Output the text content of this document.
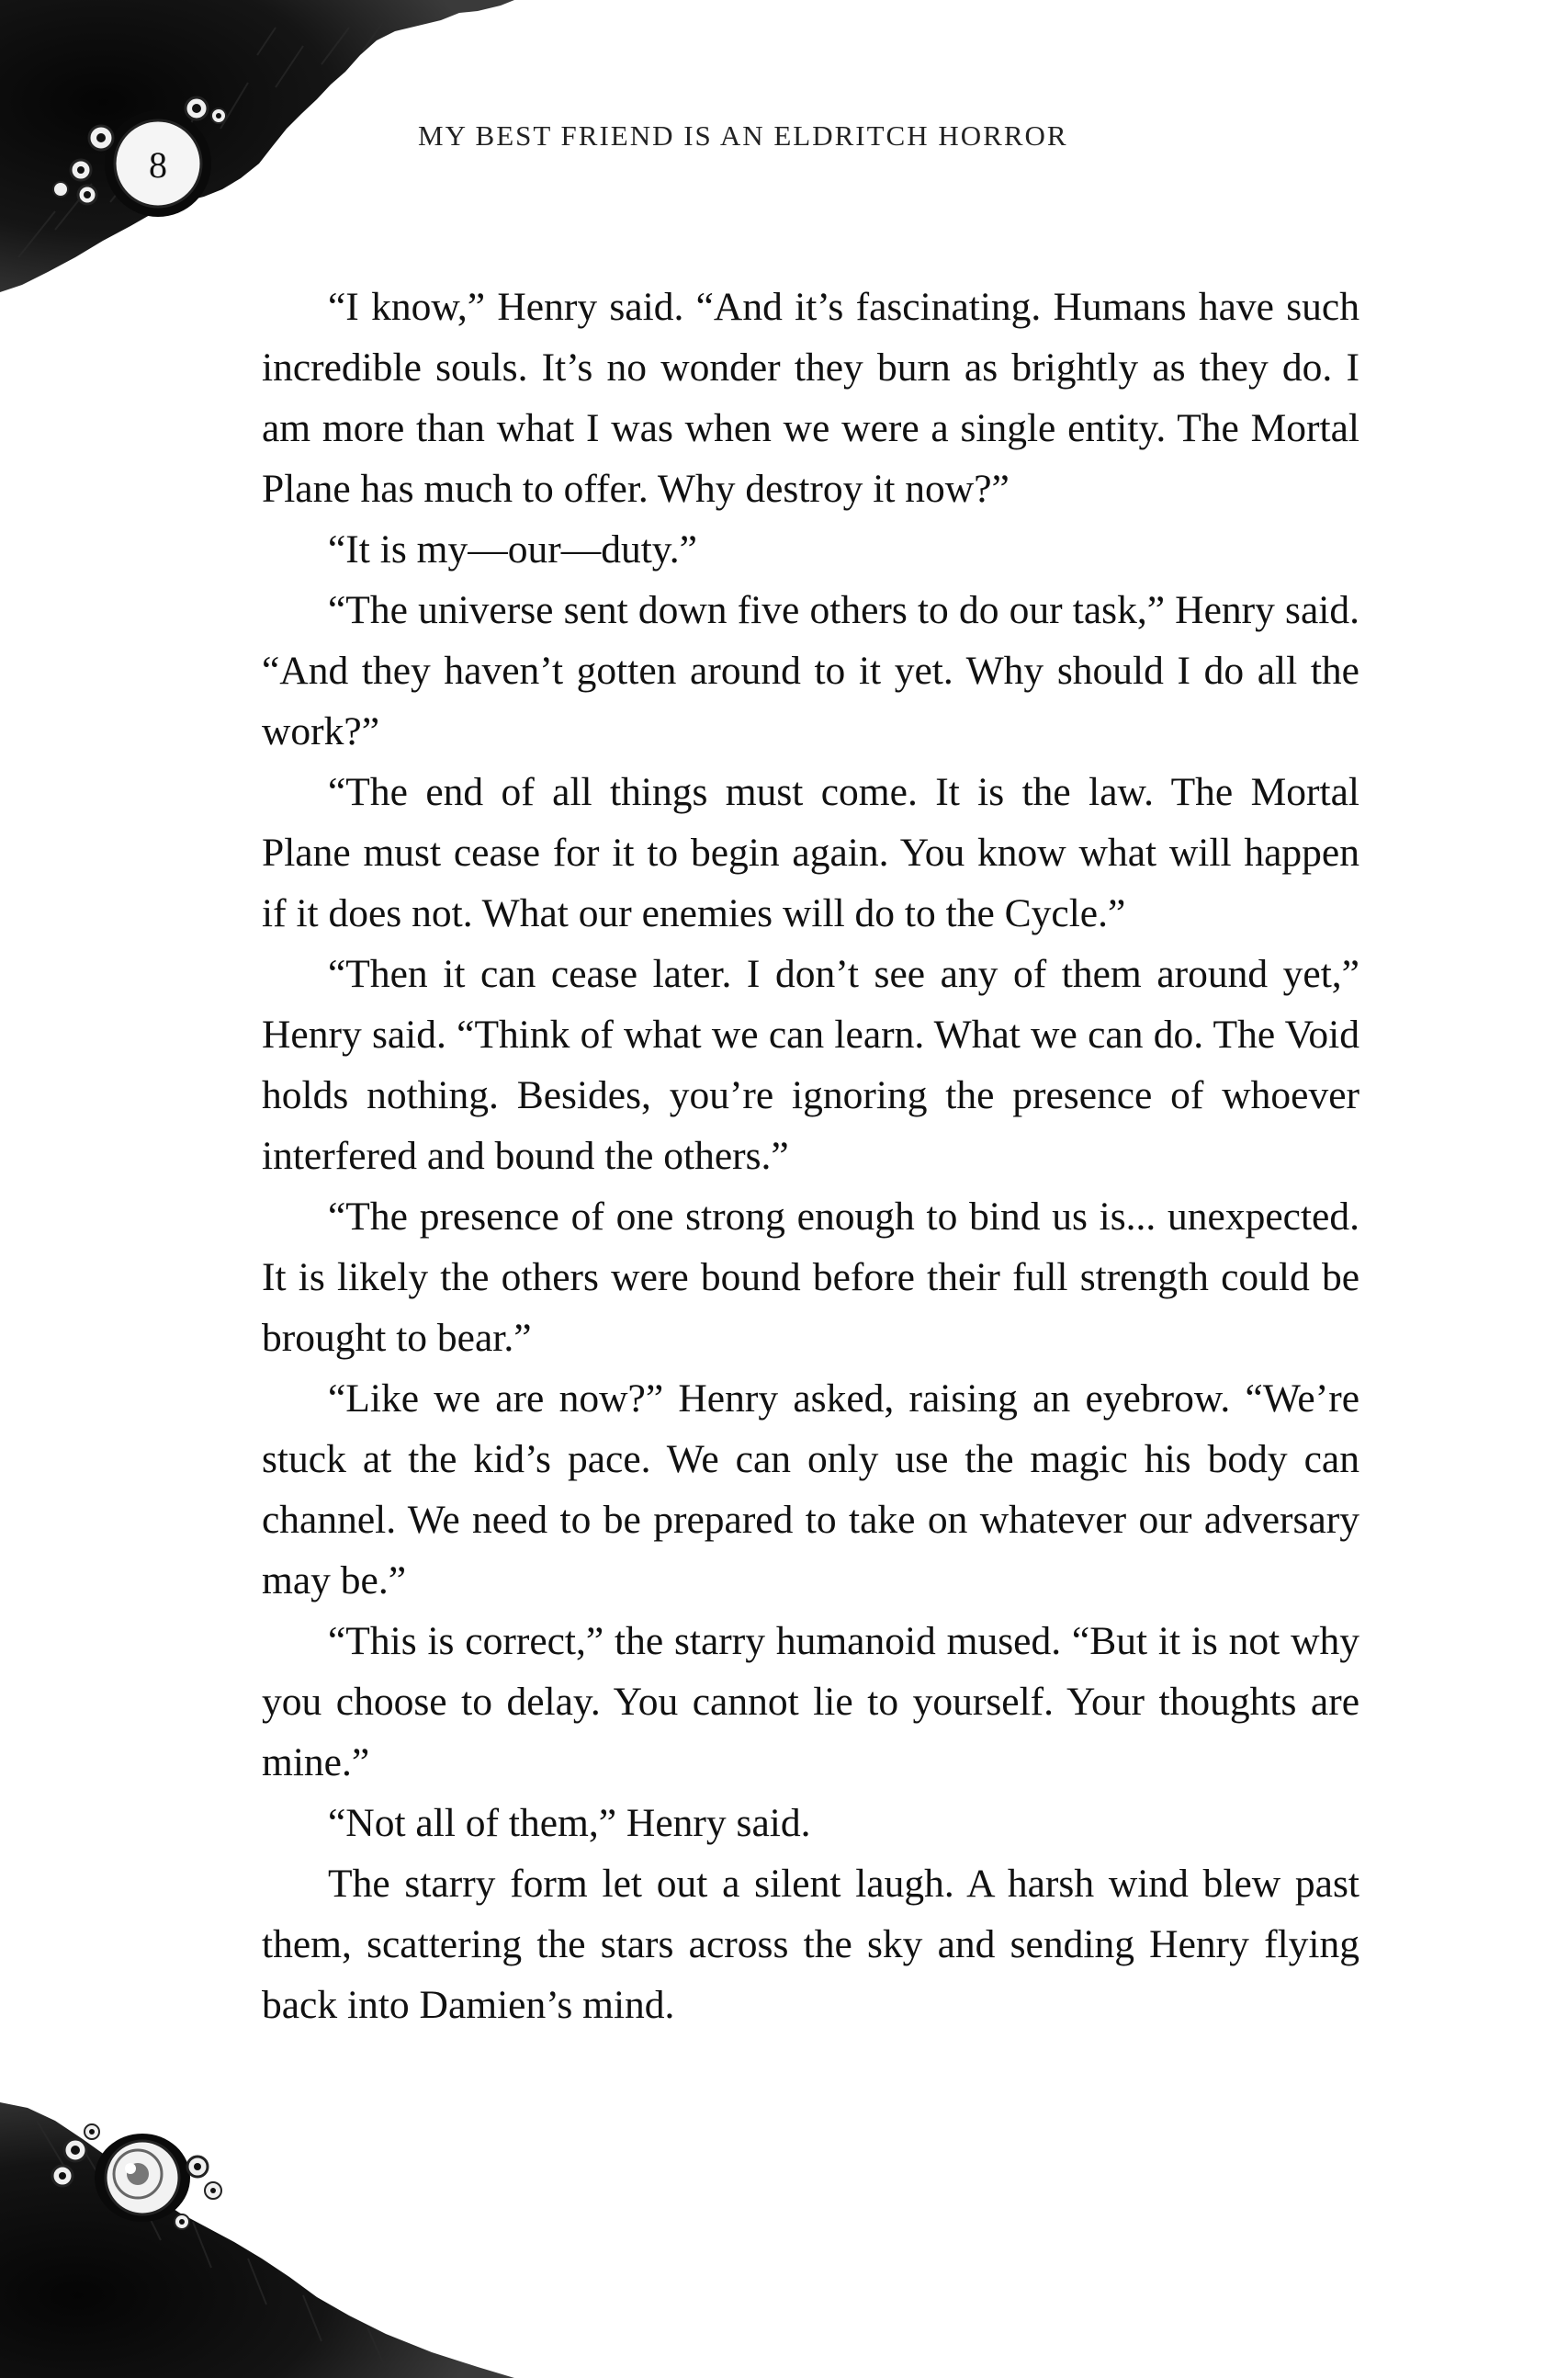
8
MY BEST FRIEND IS AN ELDRITCH HORROR

“I know,” Henry said. “And it’s fascinating. Humans have such incredible souls. It’s no wonder they burn as brightly as they do. I am more than what I was when we were a single entity. The Mortal Plane has much to offer. Why destroy it now?”

“It is my—our—duty.”

“The universe sent down five others to do our task,” Henry said. “And they haven’t gotten around to it yet. Why should I do all the work?”

“The end of all things must come. It is the law. The Mortal Plane must cease for it to begin again. You know what will happen if it does not. What our enemies will do to the Cycle.”

“Then it can cease later. I don’t see any of them around yet,” Henry said. “Think of what we can learn. What we can do. The Void holds nothing. Besides, you’re ignoring the presence of whoever interfered and bound the others.”

“The presence of one strong enough to bind us is... unexpected. It is likely the others were bound before their full strength could be brought to bear.”

“Like we are now?” Henry asked, raising an eyebrow. “We’re stuck at the kid’s pace. We can only use the magic his body can channel. We need to be prepared to take on whatever our adversary may be.”

“This is correct,” the starry humanoid mused. “But it is not why you choose to delay. You cannot lie to yourself. Your thoughts are mine.”

“Not all of them,” Henry said.

The starry form let out a silent laugh. A harsh wind blew past them, scattering the stars across the sky and sending Henry flying back into Damien’s mind.
